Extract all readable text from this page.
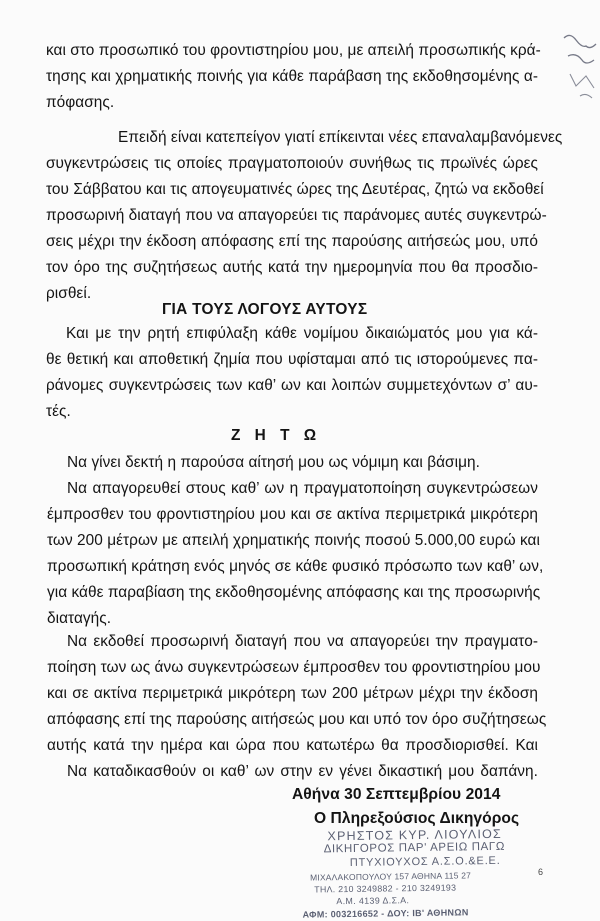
και στο προσωπικό του φροντιστηρίου μου, με απειλή προσωπικής κρά-
τησης και χρηματικής ποινής για κάθε παράβαση της εκδοθησομένης α-
πόφασης.
Επειδή είναι κατεπείγον γιατί επίκεινται νέες επαναλαμβανόμενες
συγκεντρώσεις τις οποίες πραγματοποιούν συνήθως τις πρωϊνές ώρες
του Σάββατου και τις απογευματινές ώρες της Δευτέρας, ζητώ να εκδοθεί
προσωρινή διαταγή που να απαγορεύει τις παράνομες αυτές συγκεντρώ-
σεις μέχρι την έκδοση απόφασης επί της παρούσης αιτήσεώς μου, υπό
τον όρο της συζητήσεως αυτής κατά την ημερομηνία που θα προσδιο-
ρισθεί.
ΓΙΑ ΤΟΥΣ ΛΟΓΟΥΣ ΑΥΤΟΥΣ
Και με την ρητή επιφύλαξη κάθε νομίμου δικαιώματός μου για κά-
θε θετική και αποθετική ζημία που υφίσταμαι από τις ιστορούμενες πα-
ράνομες συγκεντρώσεις των καθ’ ων και λοιπών συμμετεχόντων σ’ αυ-
τές.
Ζ Η Τ Ω
Να γίνει δεκτή η παρούσα αίτησή μου ως νόμιμη και βάσιμη.
Να απαγορευθεί στους καθ’ ων η πραγματοποίηση συγκεντρώσεων
έμπροσθεν του φροντιστηρίου μου και σε ακτίνα περιμετρικά μικρότερη
των 200 μέτρων με απειλή χρηματικής ποινής ποσού 5.000,00 ευρώ και
προσωπική κράτηση ενός μηνός σε κάθε φυσικό πρόσωπο των καθ’ ων,
για κάθε παραβίαση της εκδοθησομένης απόφασης και της προσωρινής
διαταγής.
Να εκδοθεί προσωρινή διαταγή που να απαγορεύει την πραγματο-
ποίηση των ως άνω συγκεντρώσεων έμπροσθεν του φροντιστηρίου μου
και σε ακτίνα περιμετρικά μικρότερη των 200 μέτρων μέχρι την έκδοση
απόφασης επί της παρούσης αιτήσεώς μου και υπό τον όρο συζήτησεως
αυτής κατά την ημέρα και ώρα που κατωτέρω θα προσδιορισθεί. Και
Να καταδικασθούν οι καθ’ ων στην εν γένει δικαστική μου δαπάνη.
Αθήνα 30 Σεπτεμβρίου 2014
Ο Πληρεξούσιος Δικηγόρος
ΧΡΗΣΤΟΣ ΚΥΡ. ΛΙΟΥΛΙΟΣ
ΔΙΚΗΓΟΡΟΣ ΠΑΡ' ΑΡΕΙΩ ΠΑΓΩ
ΠΤΥΧΙΟΥΧΟΣ Α.Σ.Ο.&Ε.Ε.
ΜΙΧΑΛΑΚΟΠΟΥΛΟΥ 157 ΑΘΗΝΑ 115 27
ΤΗΛ. 210 3249882 - 210 3249193
Α.Μ. 4139 Δ.Σ.Α.
ΑΦΜ: 003216652 - ΔΟΥ: ΙΒ' ΑΘΗΝΩΝ
6
